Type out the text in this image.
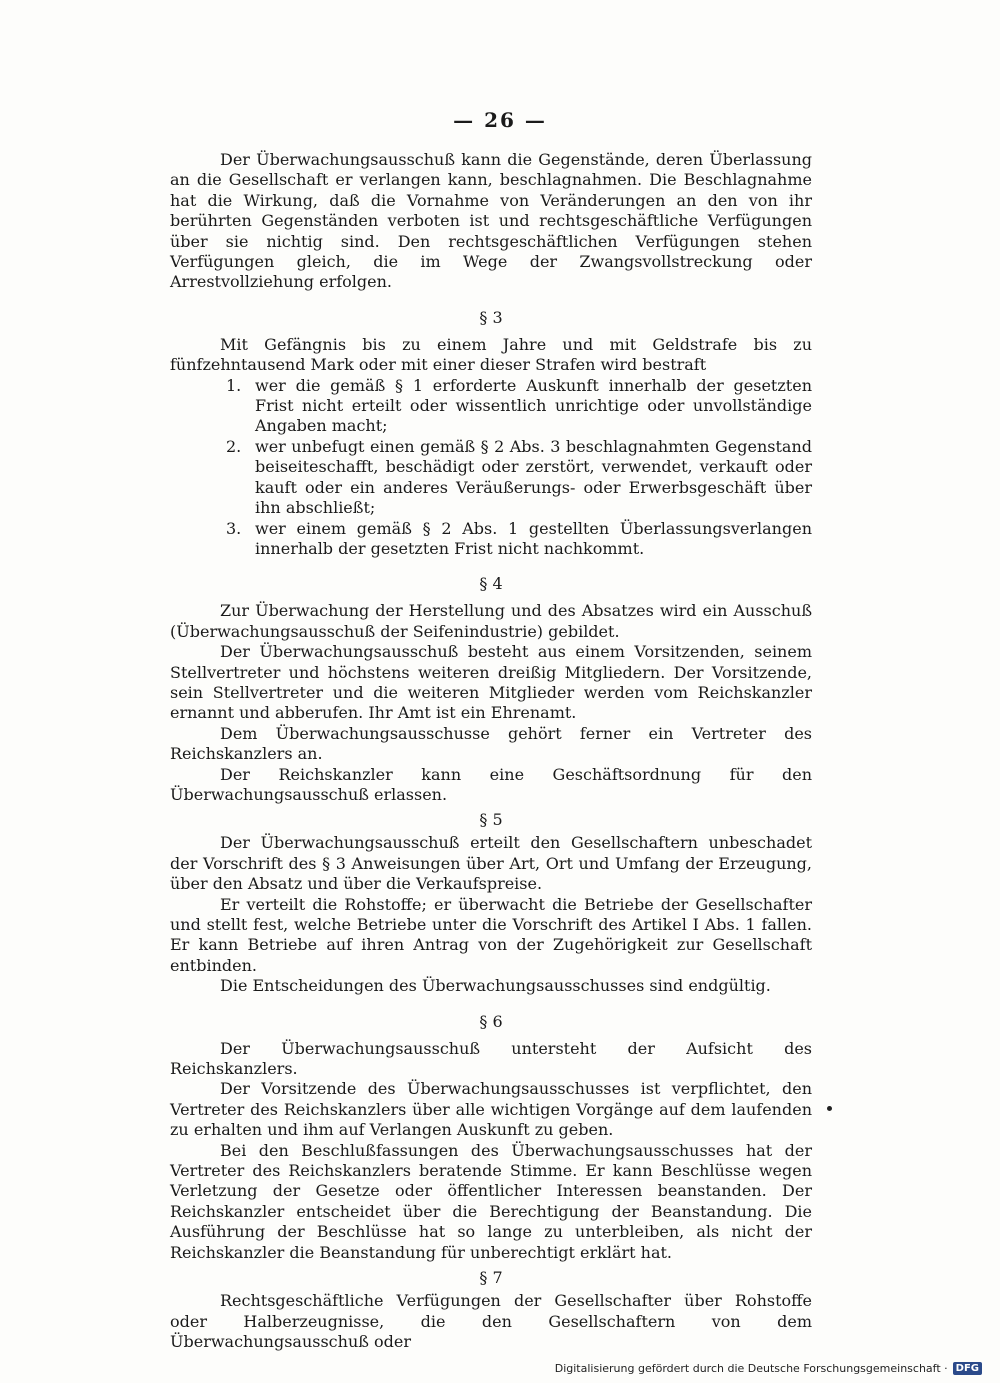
— 26 —

Der Überwachungsausschuß kann die Gegenstände, deren Überlassung an die Gesellschaft er verlangen kann, beschlagnahmen. Die Beschlagnahme hat die Wirkung, daß die Vornahme von Veränderungen an den von ihr berührten Gegenständen verboten ist und rechtsgeschäftliche Verfügungen über sie nichtig sind. Den rechtsgeschäftlichen Verfügungen stehen Verfügungen gleich, die im Wege der Zwangsvollstreckung oder Arrestvollziehung erfolgen.

§ 3

Mit Gefängnis bis zu einem Jahre und mit Geldstrafe bis zu fünfzehntausend Mark oder mit einer dieser Strafen wird bestraft

1. wer die gemäß § 1 erforderte Auskunft innerhalb der gesetzten Frist nicht erteilt oder wissentlich unrichtige oder unvollständige Angaben macht;
2. wer unbefugt einen gemäß § 2 Abs. 3 beschlagnahmten Gegenstand beiseiteschafft, beschädigt oder zerstört, verwendet, verkauft oder kauft oder ein anderes Veräußerungs- oder Erwerbsgeschäft über ihn abschließt;
3. wer einem gemäß § 2 Abs. 1 gestellten Überlassungsverlangen innerhalb der gesetzten Frist nicht nachkommt.
§ 4

Zur Überwachung der Herstellung und des Absatzes wird ein Ausschuß (Überwachungsausschuß der Seifenindustrie) gebildet.

Der Überwachungsausschuß besteht aus einem Vorsitzenden, seinem Stellvertreter und höchstens weiteren dreißig Mitgliedern. Der Vorsitzende, sein Stellvertreter und die weiteren Mitglieder werden vom Reichskanzler ernannt und abberufen. Ihr Amt ist ein Ehrenamt.

Dem Überwachungsausschusse gehört ferner ein Vertreter des Reichskanzlers an.

Der Reichskanzler kann eine Geschäftsordnung für den Überwachungsausschuß erlassen.

§ 5

Der Überwachungsausschuß erteilt den Gesellschaftern unbeschadet der Vorschrift des § 3 Anweisungen über Art, Ort und Umfang der Erzeugung, über den Absatz und über die Verkaufspreise.

Er verteilt die Rohstoffe; er überwacht die Betriebe der Gesellschafter und stellt fest, welche Betriebe unter die Vorschrift des Artikel I Abs. 1 fallen. Er kann Betriebe auf ihren Antrag von der Zugehörigkeit zur Gesellschaft entbinden.

Die Entscheidungen des Überwachungsausschusses sind endgültig.

§ 6

Der Überwachungsausschuß untersteht der Aufsicht des Reichskanzlers.

Der Vorsitzende des Überwachungsausschusses ist verpflichtet, den Vertreter des Reichskanzlers über alle wichtigen Vorgänge auf dem laufenden zu erhalten und ihm auf Verlangen Auskunft zu geben.

Bei den Beschlußfassungen des Überwachungsausschusses hat der Vertreter des Reichskanzlers beratende Stimme. Er kann Beschlüsse wegen Verletzung der Gesetze oder öffentlicher Interessen beanstanden. Der Reichskanzler entscheidet über die Berechtigung der Beanstandung. Die Ausführung der Beschlüsse hat so lange zu unterbleiben, als nicht der Reichskanzler die Beanstandung für unberechtigt erklärt hat.

§ 7

Rechtsgeschäftliche Verfügungen der Gesellschafter über Rohstoffe oder Halberzeugnisse, die den Gesellschaftern von dem Überwachungsausschuß oder

Digitalisierung gefördert durch die Deutsche Forschungsgemeinschaft · DFG
